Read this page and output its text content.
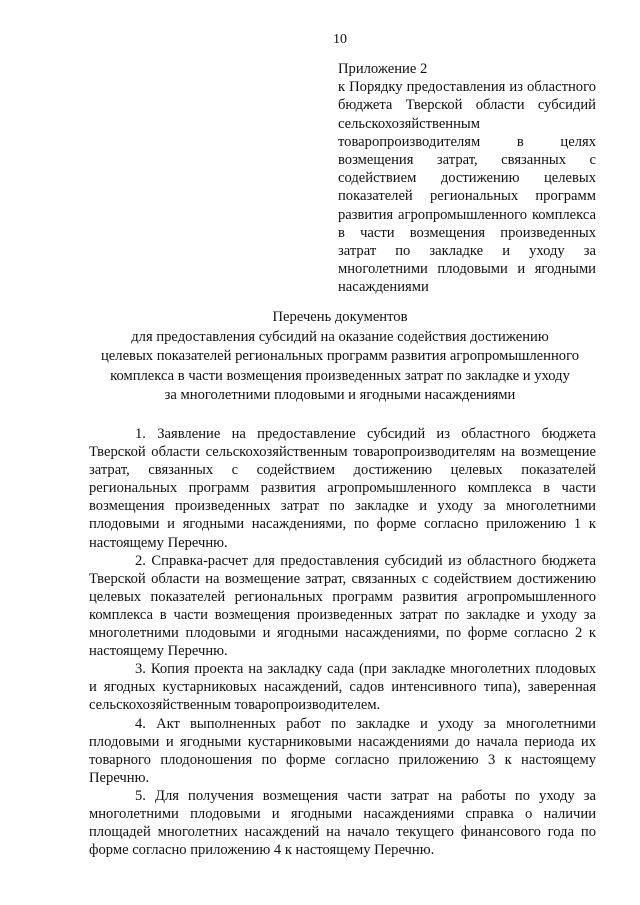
10
Приложение 2
к Порядку предоставления из областного бюджета Тверской области субсидий сельскохозяйственным товаропроизводителям в целях возмещения затрат, связанных с содействием достижению целевых показателей региональных программ развития агропромышленного комплекса в части возмещения произведенных затрат по закладке и уходу за многолетними плодовыми и ягодными насаждениями
Перечень документов
для предоставления субсидий на оказание содействия достижению
целевых показателей региональных программ развития агропромышленного
комплекса в части возмещения произведенных затрат по закладке и уходу
за многолетними плодовыми и ягодными насаждениями

1. Заявление на предоставление субсидий из областного бюджета Тверской области сельскохозяйственным товаропроизводителям на возмещение затрат, связанных с содействием достижению целевых показателей региональных программ развития агропромышленного комплекса в части возмещения произведенных затрат по закладке и уходу за многолетними плодовыми и ягодными насаждениями, по форме согласно приложению 1 к настоящему Перечню.

2. Справка-расчет для предоставления субсидий из областного бюджета Тверской области на возмещение затрат, связанных с содействием достижению целевых показателей региональных программ развития агропромышленного комплекса в части возмещения произведенных затрат по закладке и уходу за многолетними плодовыми и ягодными насаждениями, по форме согласно 2 к настоящему Перечню.

3. Копия проекта на закладку сада (при закладке многолетних плодовых и ягодных кустарниковых насаждений, садов интенсивного типа), заверенная сельскохозяйственным товаропроизводителем.

4. Акт выполненных работ по закладке и уходу за многолетними плодовыми и ягодными кустарниковыми насаждениями до начала периода их товарного плодоношения по форме согласно приложению 3 к настоящему Перечню.

5. Для получения возмещения части затрат на работы по уходу за многолетними плодовыми и ягодными насаждениями справка о наличии площадей многолетних насаждений на начало текущего финансового года по форме согласно приложению 4 к настоящему Перечню.
